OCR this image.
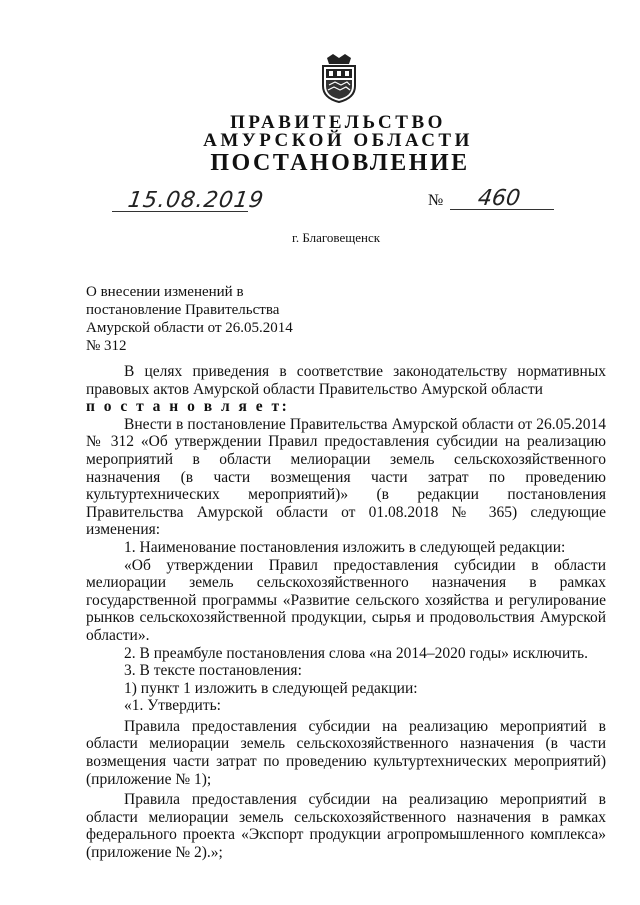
ПРАВИТЕЛЬСТВО
АМУРСКОЙ ОБЛАСТИ
ПОСТАНОВЛЕНИЕ
15.08.2019	№ 460
г. Благовещенск
О внесении изменений в
постановление Правительства
Амурской области от 26.05.2014
№ 312

В целях приведения в соответствие законодательству нормативных правовых актов Амурской области Правительство Амурской области

п о с т а н о в л я е т:

Внести в постановление Правительства Амурской области от 26.05.2014 № 312 «Об утверждении Правил предоставления субсидии на реализацию мероприятий в области мелиорации земель сельскохозяйственного назначения (в части возмещения части затрат по проведению культуртехнических мероприятий)» (в редакции постановления Правительства Амурской области от 01.08.2018 № 365) следующие изменения:

1. Наименование постановления изложить в следующей редакции:

«Об утверждении Правил предоставления субсидии в области мелиорации земель сельскохозяйственного назначения в рамках государственной программы «Развитие сельского хозяйства и регулирование рынков сельскохозяйственной продукции, сырья и продовольствия Амурской области».

2. В преамбуле постановления слова «на 2014–2020 годы» исключить.

3. В тексте постановления:

1) пункт 1 изложить в следующей редакции:

«1. Утвердить:

Правила предоставления субсидии на реализацию мероприятий в области мелиорации земель сельскохозяйственного назначения (в части возмещения части затрат по проведению культуртехнических мероприятий) (приложение № 1);

Правила предоставления субсидии на реализацию мероприятий в области мелиорации земель сельскохозяйственного назначения в рамках федерального проекта «Экспорт продукции агропромышленного комплекса» (приложение № 2).»;
